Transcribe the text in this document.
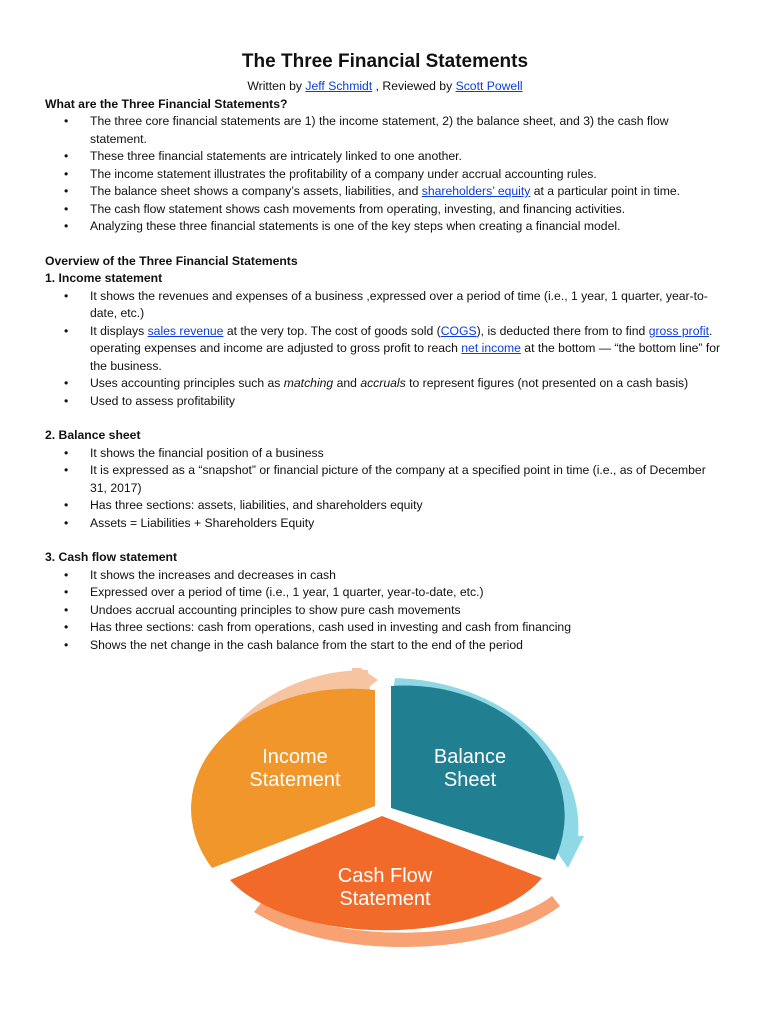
The Three Financial Statements
Written by Jeff Schmidt , Reviewed by Scott Powell

What are the Three Financial Statements?

• The three core financial statements are 1) the income statement, 2) the balance sheet, and 3) the cash flow statement.
• These three financial statements are intricately linked to one another.
• The income statement illustrates the profitability of a company under accrual accounting rules.
• The balance sheet shows a company’s assets, liabilities, and shareholders’ equity at a particular point in time.
• The cash flow statement shows cash movements from operating, investing, and financing activities.
• Analyzing these three financial statements is one of the key steps when creating a financial model.

Overview of the Three Financial Statements

1. Income statement

• It shows the revenues and expenses of a business ,expressed over a period of time (i.e., 1 year, 1 quarter, year-to-date, etc.)
• It displays sales revenue at the very top. The cost of goods sold (COGS), is deducted there from to find gross profit. operating expenses and income are adjusted to gross profit to reach net income at the bottom — “the bottom line” for the business.
• Uses accounting principles such as matching and accruals to represent figures (not presented on a cash basis)
• Used to assess profitability

2. Balance sheet

• It shows the financial position of a business
• It is expressed as a “snapshot” or financial picture of the company at a specified point in time (i.e., as of December 31, 2017)
• Has three sections: assets, liabilities, and shareholders equity
• Assets = Liabilities + Shareholders Equity

3. Cash flow statement

• It shows the increases and decreases in cash
• Expressed over a period of time (i.e., 1 year, 1 quarter, year-to-date, etc.)
• Undoes accrual accounting principles to show pure cash movements
• Has three sections: cash from operations, cash used in investing and cash from financing
• Shows the net change in the cash balance from the start to the end of the period
Income
Statement
Balance
Sheet
Cash Flow
Statement
